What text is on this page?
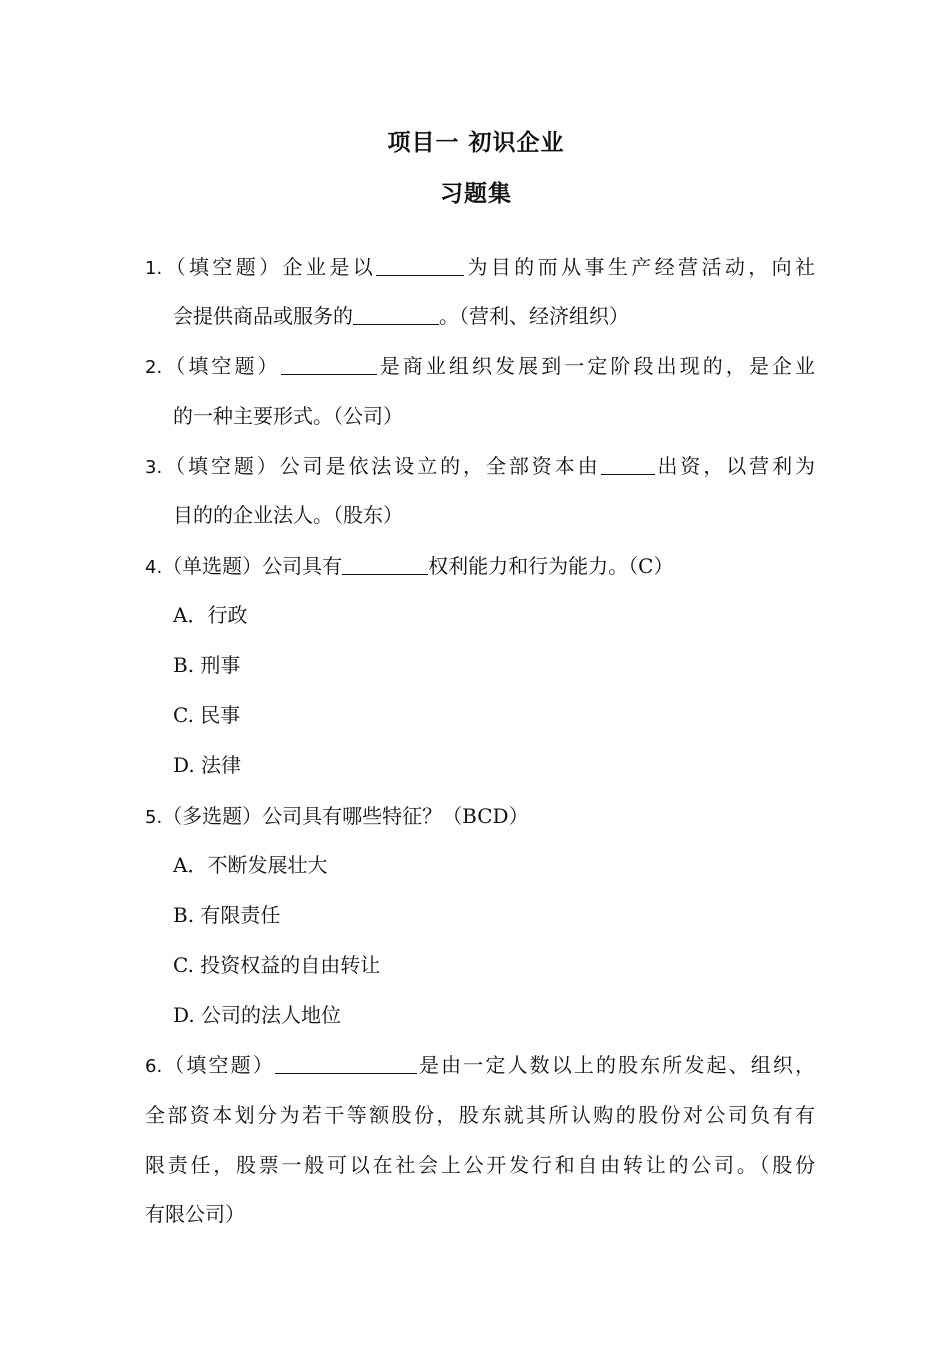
项目一 初识企业
习题集
1.（填空题）企业是以	为目的而从事生产经营活动，向社
会提供商品或服务的	。（营利、经济组织）
2.（填空题）	是商业组织发展到一定阶段出现的，是企业
的一种主要形式。（公司）
3.（填空题）公司是依法设立的，全部资本由	出资，以营利为
目的的企业法人。（股东）
4.（单选题）公司具有	权利能力和行为能力。（C）
A．行政
B. 刑事
C. 民事
D. 法律
5.（多选题）公司具有哪些特征？（BCD）
A．不断发展壮大
B. 有限责任
C. 投资权益的自由转让
D. 公司的法人地位
6.（填空题）	是由一定人数以上的股东所发起、组织，
全部资本划分为若干等额股份，股东就其所认购的股份对公司负有有
限责任，股票一般可以在社会上公开发行和自由转让的公司。（股份
有限公司）
